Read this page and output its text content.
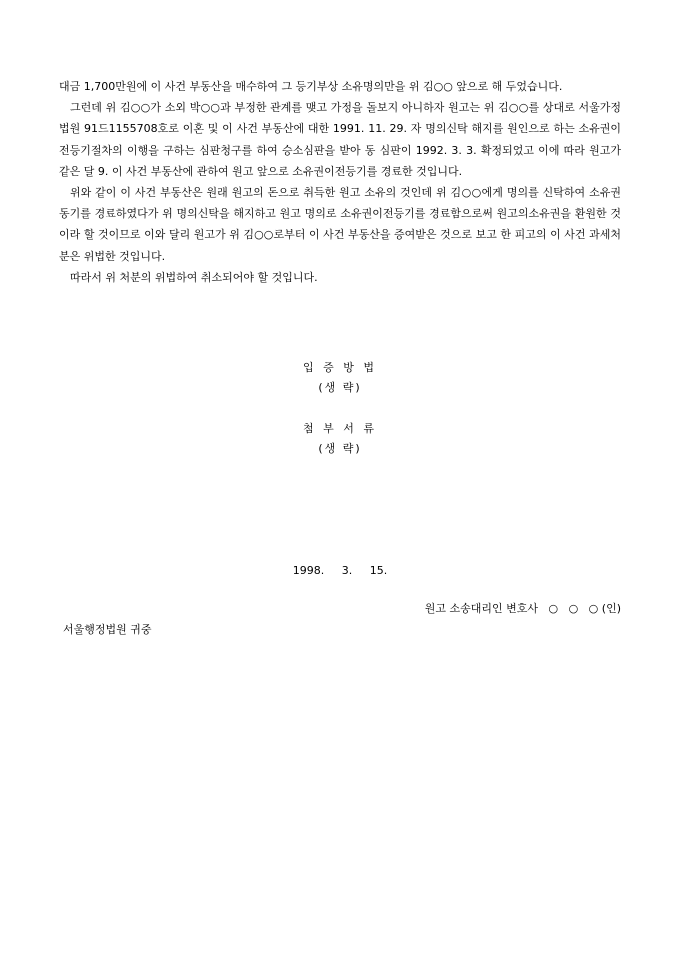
대금 1,700만원에 이 사건 부동산을 매수하여 그 등기부상 소유명의만을 위 김○○ 앞으로 해 두었습니다.

그런데 위 김○○가 소외 박○○과 부정한 관계를 맺고 가정을 돌보지 아니하자 원고는 위 김○○를 상대로 서울가정법원 91드1155708호로 이혼 및 이 사건 부동산에 대한 1991. 11. 29. 자 명의신탁 해지를 원인으로 하는 소유권이 전등기절차의 이행을 구하는 심판청구를 하여 승소심판을 받아 동 심판이 1992. 3. 3. 확정되었고 이에 따라 원고가 같은 달 9. 이 사건 부동산에 관하여 원고 앞으로 소유권이전등기를 경료한 것입니다.

위와 같이 이 사건 부동산은 원래 원고의 돈으로 취득한 원고 소유의 것인데 위 김○○에게 명의를 신탁하여 소유권동기를 경료하였다가 위 명의신탁을 해지하고 원고 명의로 소유권이전등기를 경료함으로써 원고의소유권을 환원한 것이라 할 것이므로 이와 달리 원고가 위 김○○로부터 이 사건 부동산을 증여받은 것으로 보고 한 피고의 이 사건 과세처분은 위법한 것입니다.

따라서 위 처분의 위법하여 취소되어야 할 것입니다.

입 증 방 법
(생 략)
첨 부 서 류
(생 략)
1998. 3. 15.
원고 소송대리인 변호사   ○   ○   ○ (인)
서울행정법원 귀중
